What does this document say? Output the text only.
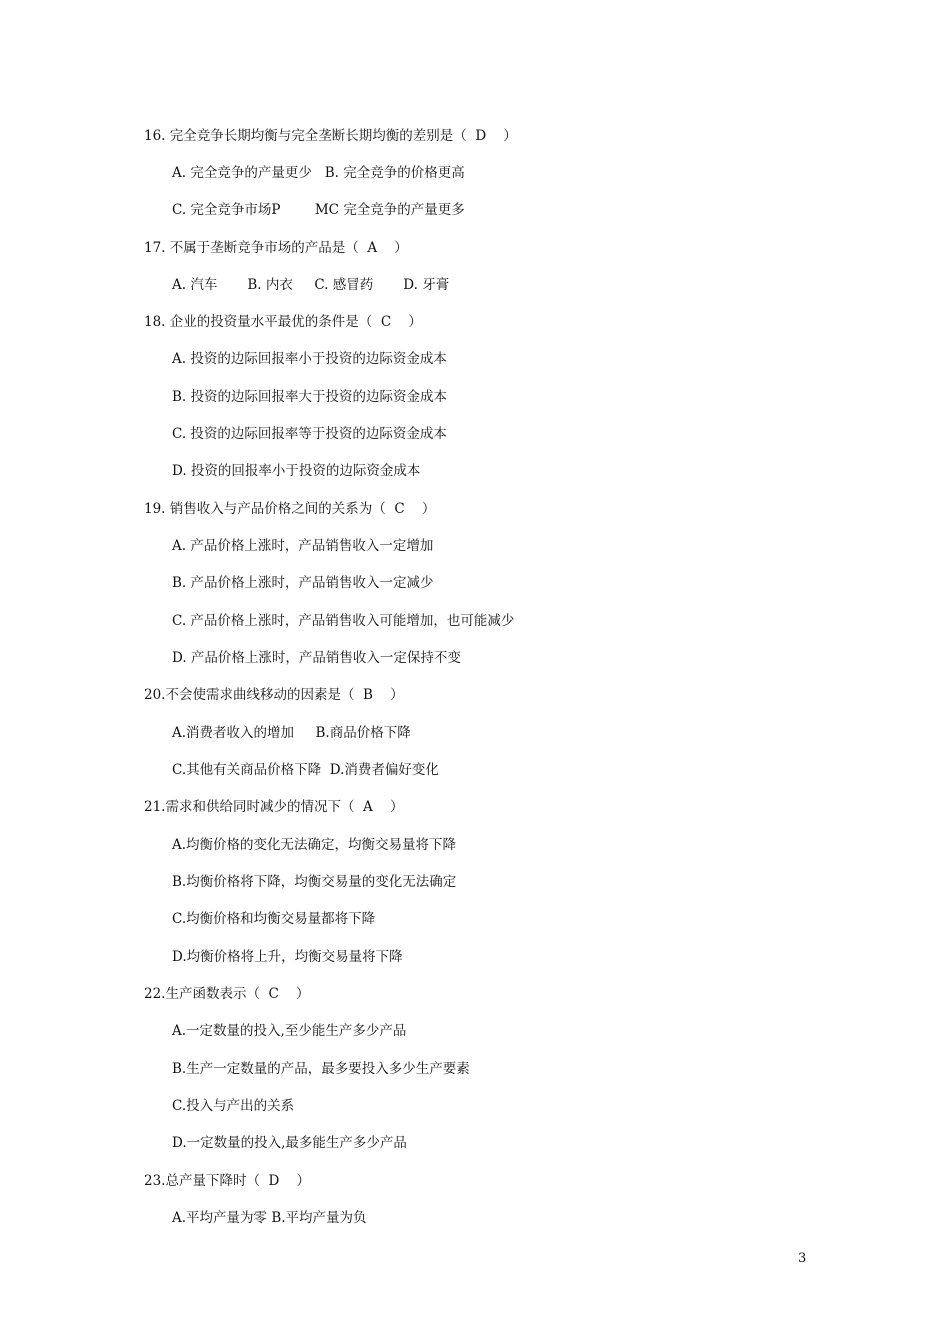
16. 完全竞争长期均衡与完全垄断长期均衡的差别是（  D    ）
A. 完全竞争的产量更少   B. 完全竞争的价格更高
C. 完全竞争市场P        MC 完全竞争的产量更多
17. 不属于垄断竞争市场的产品是（  A    ）
A. 汽车       B. 内衣     C. 感冒药       D. 牙膏
18. 企业的投资量水平最优的条件是（  C    ）
A. 投资的边际回报率小于投资的边际资金成本
B. 投资的边际回报率大于投资的边际资金成本
C. 投资的边际回报率等于投资的边际资金成本
D. 投资的回报率小于投资的边际资金成本
19. 销售收入与产品价格之间的关系为（  C    ）
A. 产品价格上涨时，产品销售收入一定增加
B. 产品价格上涨时，产品销售收入一定减少
C. 产品价格上涨时，产品销售收入可能增加，也可能减少
D. 产品价格上涨时，产品销售收入一定保持不变
20.不会使需求曲线移动的因素是（  B    ）
A.消费者收入的增加     B.商品价格下降
C.其他有关商品价格下降  D.消费者偏好变化
21.需求和供给同时减少的情况下（  A    ）
A.均衡价格的变化无法确定，均衡交易量将下降
B.均衡价格将下降，均衡交易量的变化无法确定
C.均衡价格和均衡交易量都将下降
D.均衡价格将上升，均衡交易量将下降
22.生产函数表示（  C    ）
A.一定数量的投入,至少能生产多少产品
B.生产一定数量的产品，最多要投入多少生产要素
C.投入与产出的关系
D.一定数量的投入,最多能生产多少产品
23.总产量下降时（  D    ）
A.平均产量为零 B.平均产量为负
3
